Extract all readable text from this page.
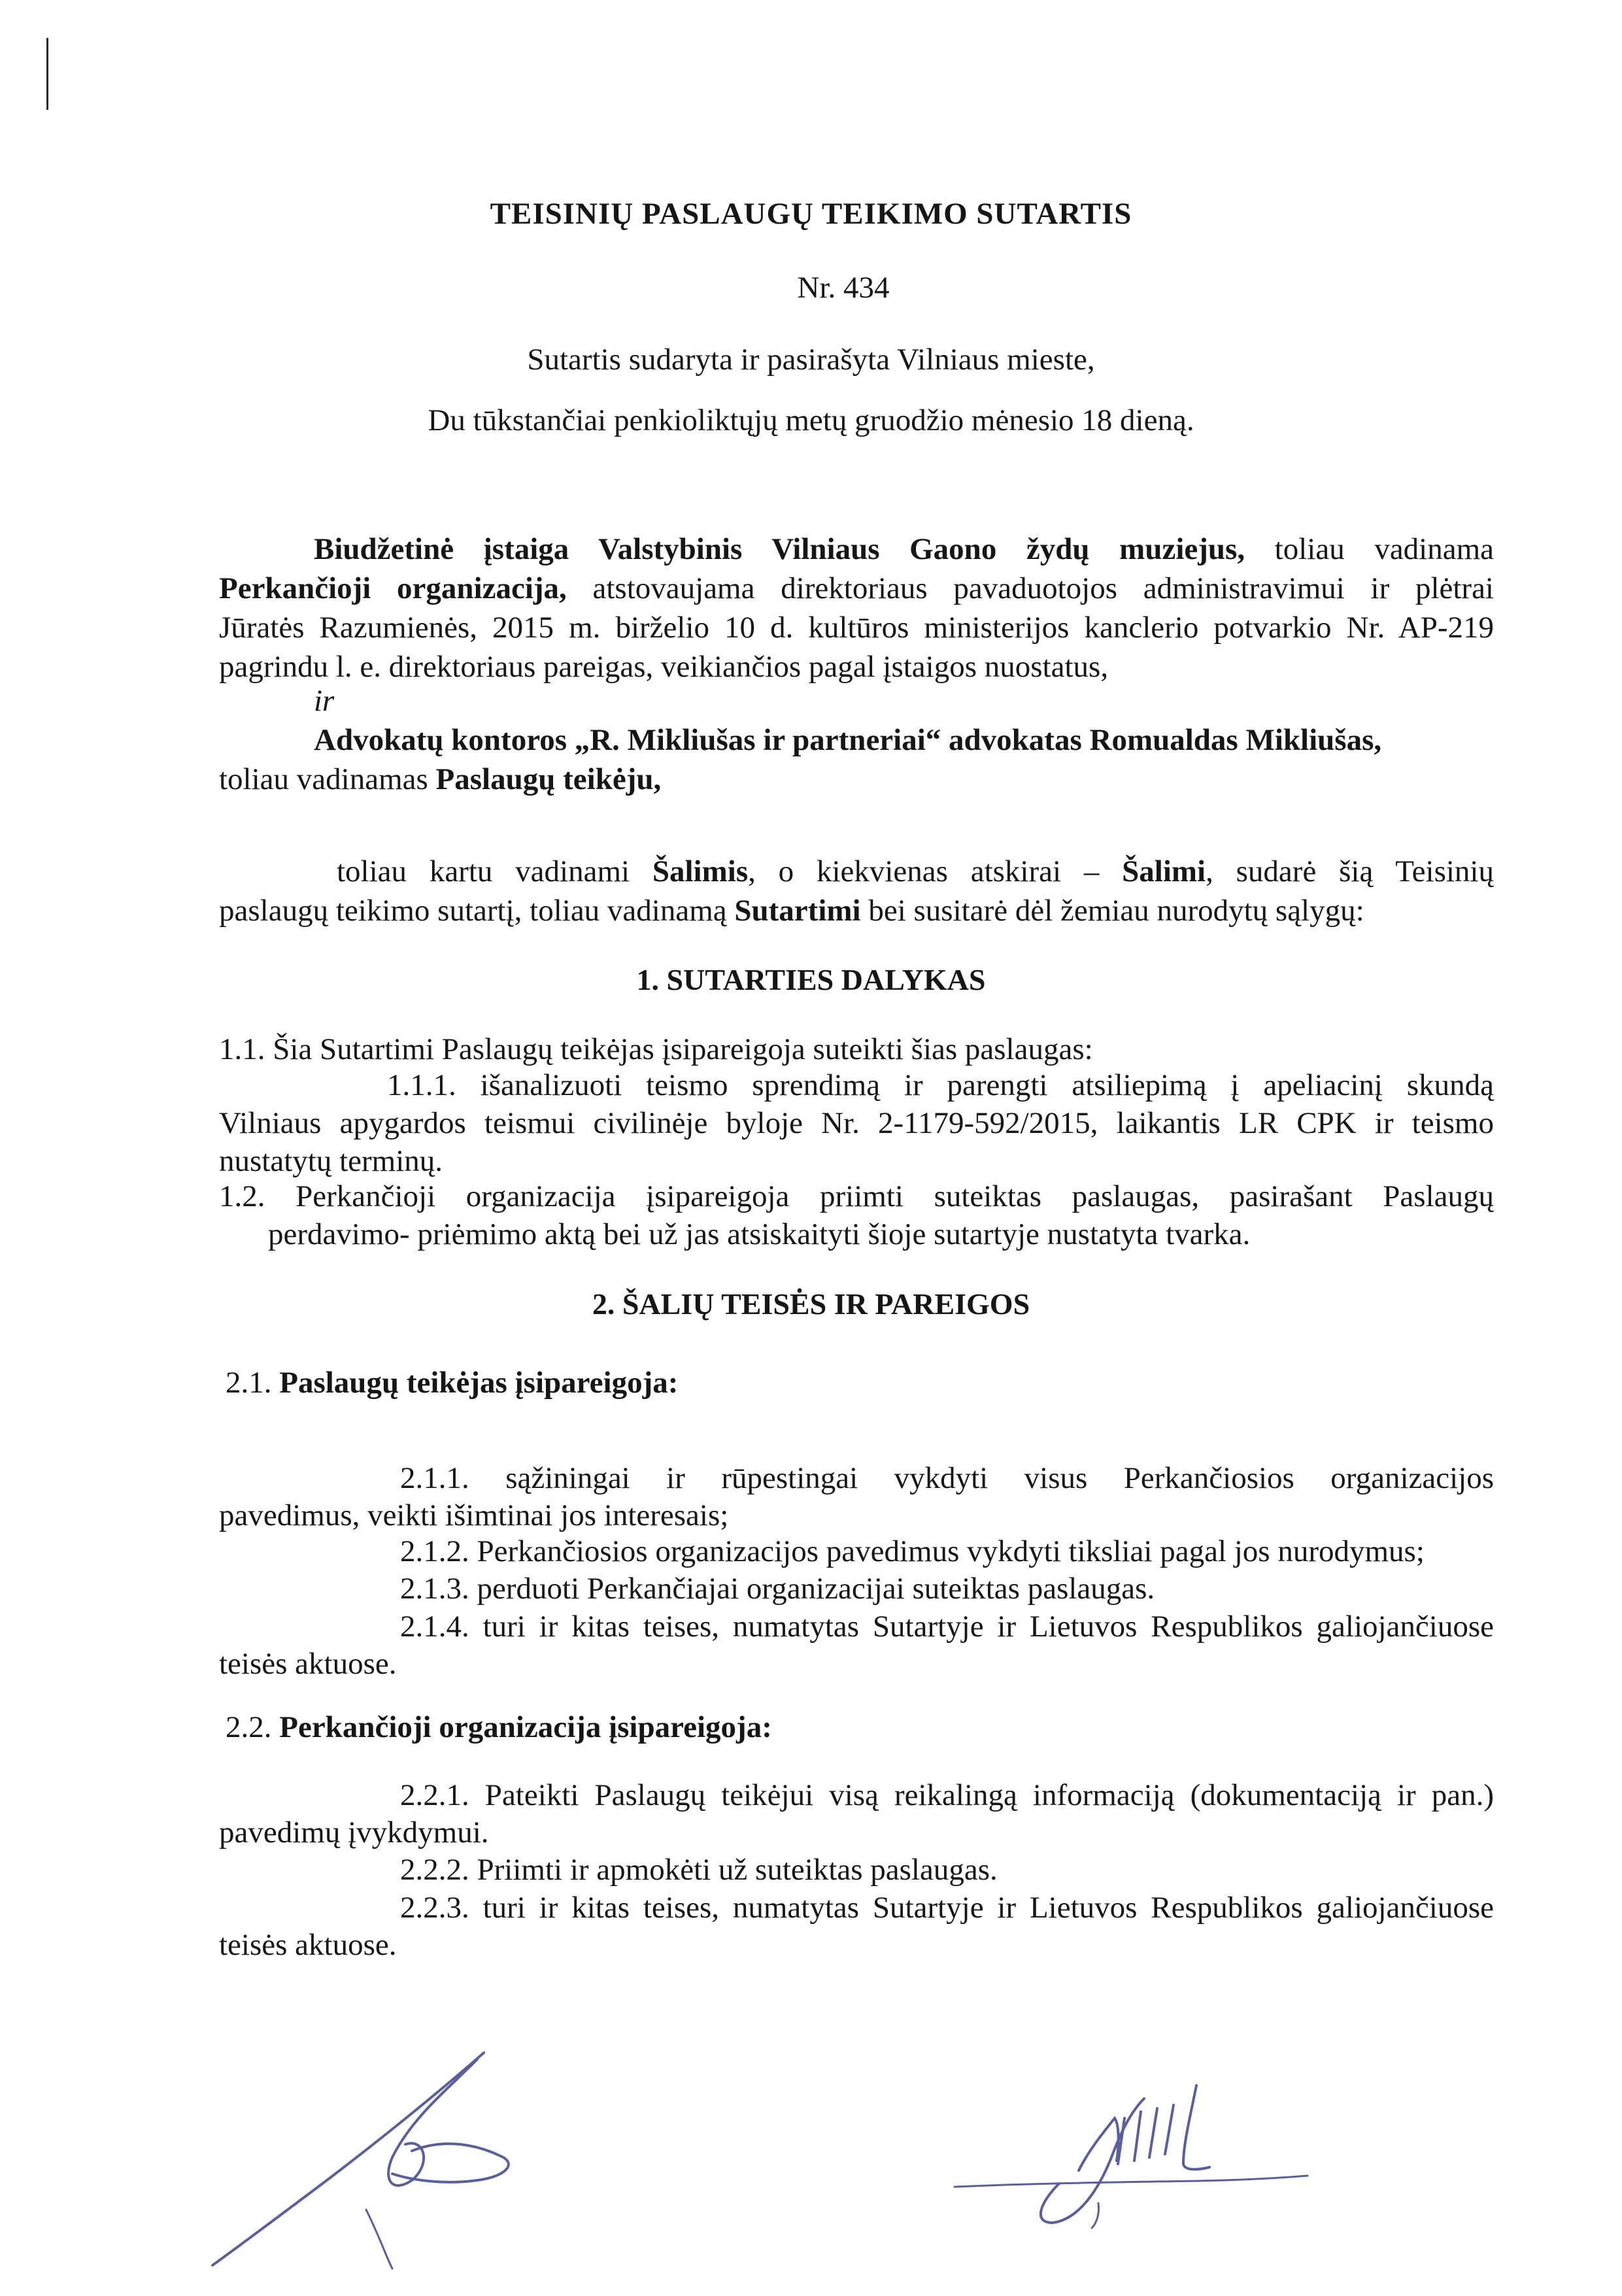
TEISINIŲ PASLAUGŲ TEIKIMO SUTARTIS
Nr. 434
Sutartis sudaryta ir pasirašyta Vilniaus mieste,
Du tūkstančiai penkioliktųjų metų gruodžio mėnesio 18 dieną.
Biudžetinė įstaiga Valstybinis Vilniaus Gaono žydų muziejus, toliau vadinama
Perkančioji organizacija, atstovaujama direktoriaus pavaduotojos administravimui ir plėtrai
Jūratės Razumienės, 2015 m. birželio 10 d. kultūros ministerijos kanclerio potvarkio Nr. AP-219
pagrindu l. e. direktoriaus pareigas, veikiančios pagal įstaigos nuostatus,
ir
Advokatų kontoros „R. Mikliušas ir partneriai“ advokatas Romualdas Mikliušas,
toliau vadinamas Paslaugų teikėju,
toliau kartu vadinami Šalimis, o kiekvienas atskirai – Šalimi, sudarė šią Teisinių
paslaugų teikimo sutartį, toliau vadinamą Sutartimi bei susitarė dėl žemiau nurodytų sąlygų:
1. SUTARTIES DALYKAS
1.1. Šia Sutartimi Paslaugų teikėjas įsipareigoja suteikti šias paslaugas:
1.1.1. išanalizuoti teismo sprendimą ir parengti atsiliepimą į apeliacinį skundą
Vilniaus apygardos teismui civilinėje byloje Nr. 2-1179-592/2015, laikantis LR CPK ir teismo
nustatytų terminų.
1.2. Perkančioji organizacija įsipareigoja priimti suteiktas paslaugas, pasirašant Paslaugų
perdavimo- priėmimo aktą bei už jas atsiskaityti šioje sutartyje nustatyta tvarka.
2. ŠALIŲ TEISĖS IR PAREIGOS
2.1. Paslaugų teikėjas įsipareigoja:
2.1.1. sąžiningai ir rūpestingai vykdyti visus Perkančiosios organizacijos
pavedimus, veikti išimtinai jos interesais;
2.1.2. Perkančiosios organizacijos pavedimus vykdyti tiksliai pagal jos nurodymus;
2.1.3. perduoti Perkančiajai organizacijai suteiktas paslaugas.
2.1.4. turi ir kitas teises, numatytas Sutartyje ir Lietuvos Respublikos galiojančiuose
teisės aktuose.
2.2. Perkančioji organizacija įsipareigoja:
2.2.1. Pateikti Paslaugų teikėjui visą reikalingą informaciją (dokumentaciją ir pan.)
pavedimų įvykdymui.
2.2.2. Priimti ir apmokėti už suteiktas paslaugas.
2.2.3. turi ir kitas teises, numatytas Sutartyje ir Lietuvos Respublikos galiojančiuose
teisės aktuose.
